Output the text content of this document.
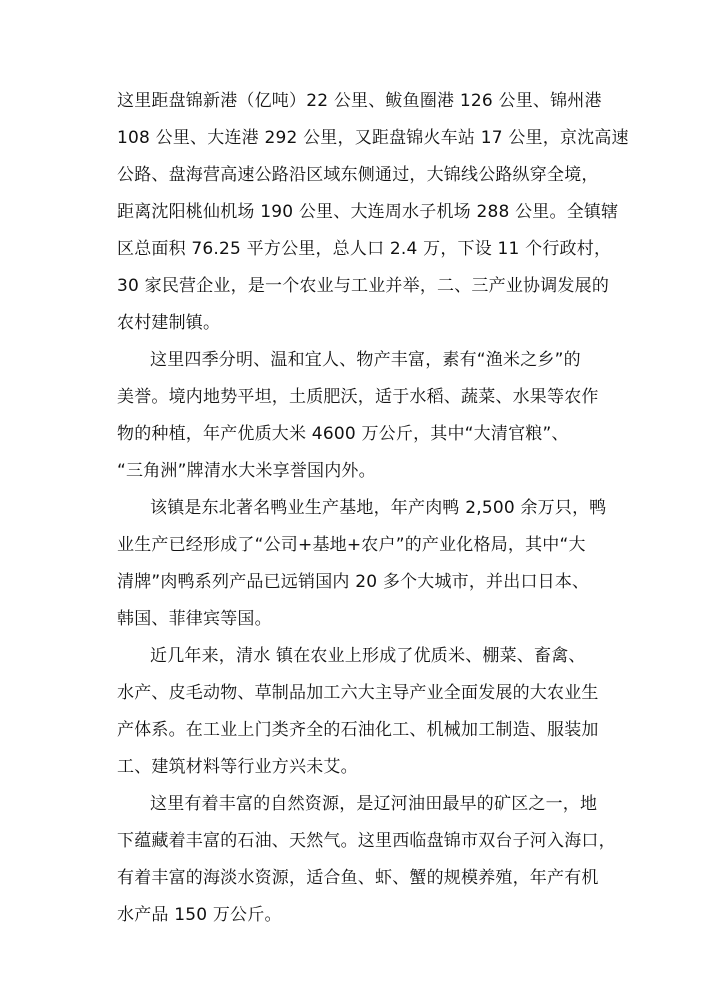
这里距盘锦新港（亿吨）22 公里、鲅鱼圈港 126 公里、锦州港
108 公里、大连港 292 公里，又距盘锦火车站 17 公里，京沈高速
公路、盘海营高速公路沿区域东侧通过，大锦线公路纵穿全境，
距离沈阳桃仙机场 190 公里、大连周水子机场 288 公里。全镇辖
区总面积 76.25 平方公里，总人口 2.4 万，下设 11 个行政村，
30 家民营企业，是一个农业与工业并举，二、三产业协调发展的
农村建制镇。
这里四季分明、温和宜人、物产丰富，素有“渔米之乡”的
美誉。境内地势平坦，土质肥沃，适于水稻、蔬菜、水果等农作
物的种植，年产优质大米 4600 万公斤，其中“大清官粮”、
“三角洲”牌清水大米享誉国内外。
该镇是东北著名鸭业生产基地，年产肉鸭 2,500 余万只，鸭
业生产已经形成了“公司+基地+农户”的产业化格局，其中“大
清牌”肉鸭系列产品已远销国内 20 多个大城市，并出口日本、
韩国、菲律宾等国。
近几年来，清水 镇在农业上形成了优质米、棚菜、畜禽、
水产、皮毛动物、草制品加工六大主导产业全面发展的大农业生
产体系。在工业上门类齐全的石油化工、机械加工制造、服装加
工、建筑材料等行业方兴未艾。
这里有着丰富的自然资源，是辽河油田最早的矿区之一，地
下蕴藏着丰富的石油、天然气。这里西临盘锦市双台子河入海口，
有着丰富的海淡水资源，适合鱼、虾、蟹的规模养殖，年产有机
水产品 150 万公斤。
